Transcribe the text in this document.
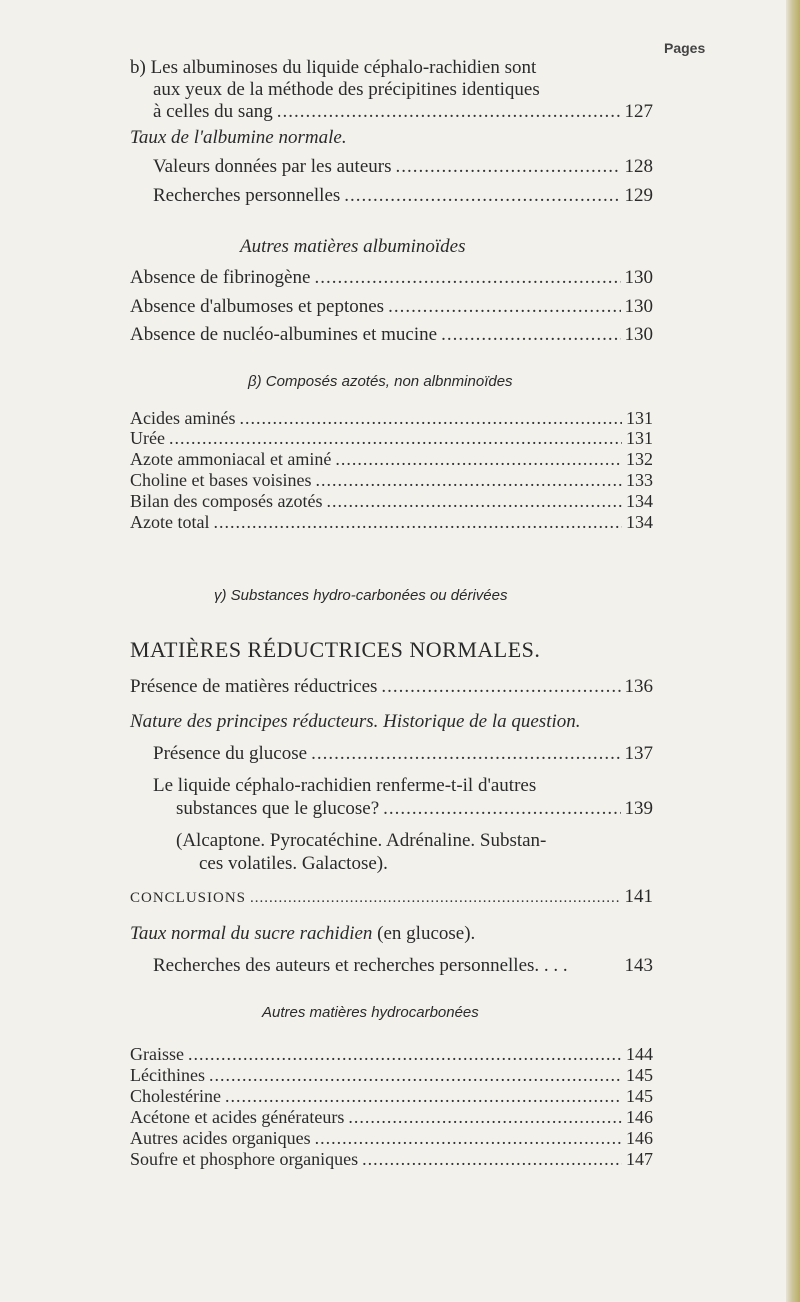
Pages
b) Les albuminoses du liquide céphalo-rachidien sont
aux yeux de la méthode des précipitines identiques
à celles du sang .....	127
Taux de l'albumine normale.
Valeurs données par les auteurs .....	128
Recherches personnelles .....	129
Autres matières albuminoïdes
Absence de fibrinogène .....	130
Absence d'albumoses et peptones .....	130
Absence de nucléo-albumines et mucine .....	130
β) Composés azotés, non albnminoïdes
Acides aminés .....	131
Urée .....	131
Azote ammoniacal et aminé .....	132
Choline et bases voisines .....	133
Bilan des composés azotés .....	134
Azote total .....	134
γ) Substances hydro-carbonées ou dérivées
MATIÈRES RÉDUCTRICES NORMALES.
Présence de matières réductrices .....	136
Nature des principes réducteurs. Historique de la question.
Présence du glucose .....	137
Le liquide céphalo-rachidien renferme-t-il d'autres
substances que le glucose? .....	139
(Alcaptone. Pyrocatéchine. Adrénaline. Substan-
ces volatiles. Galactose).
CONCLUSIONS .....	141
Taux normal du sucre rachidien (en glucose).
Recherches des auteurs et recherches personnelles. . . .	143
Autres matières hydrocarbonées
Graisse .....	144
Lécithines .....	145
Cholestérine .....	145
Acétone et acides générateurs .....	146
Autres acides organiques .....	146
Soufre et phosphore organiques .....	147
